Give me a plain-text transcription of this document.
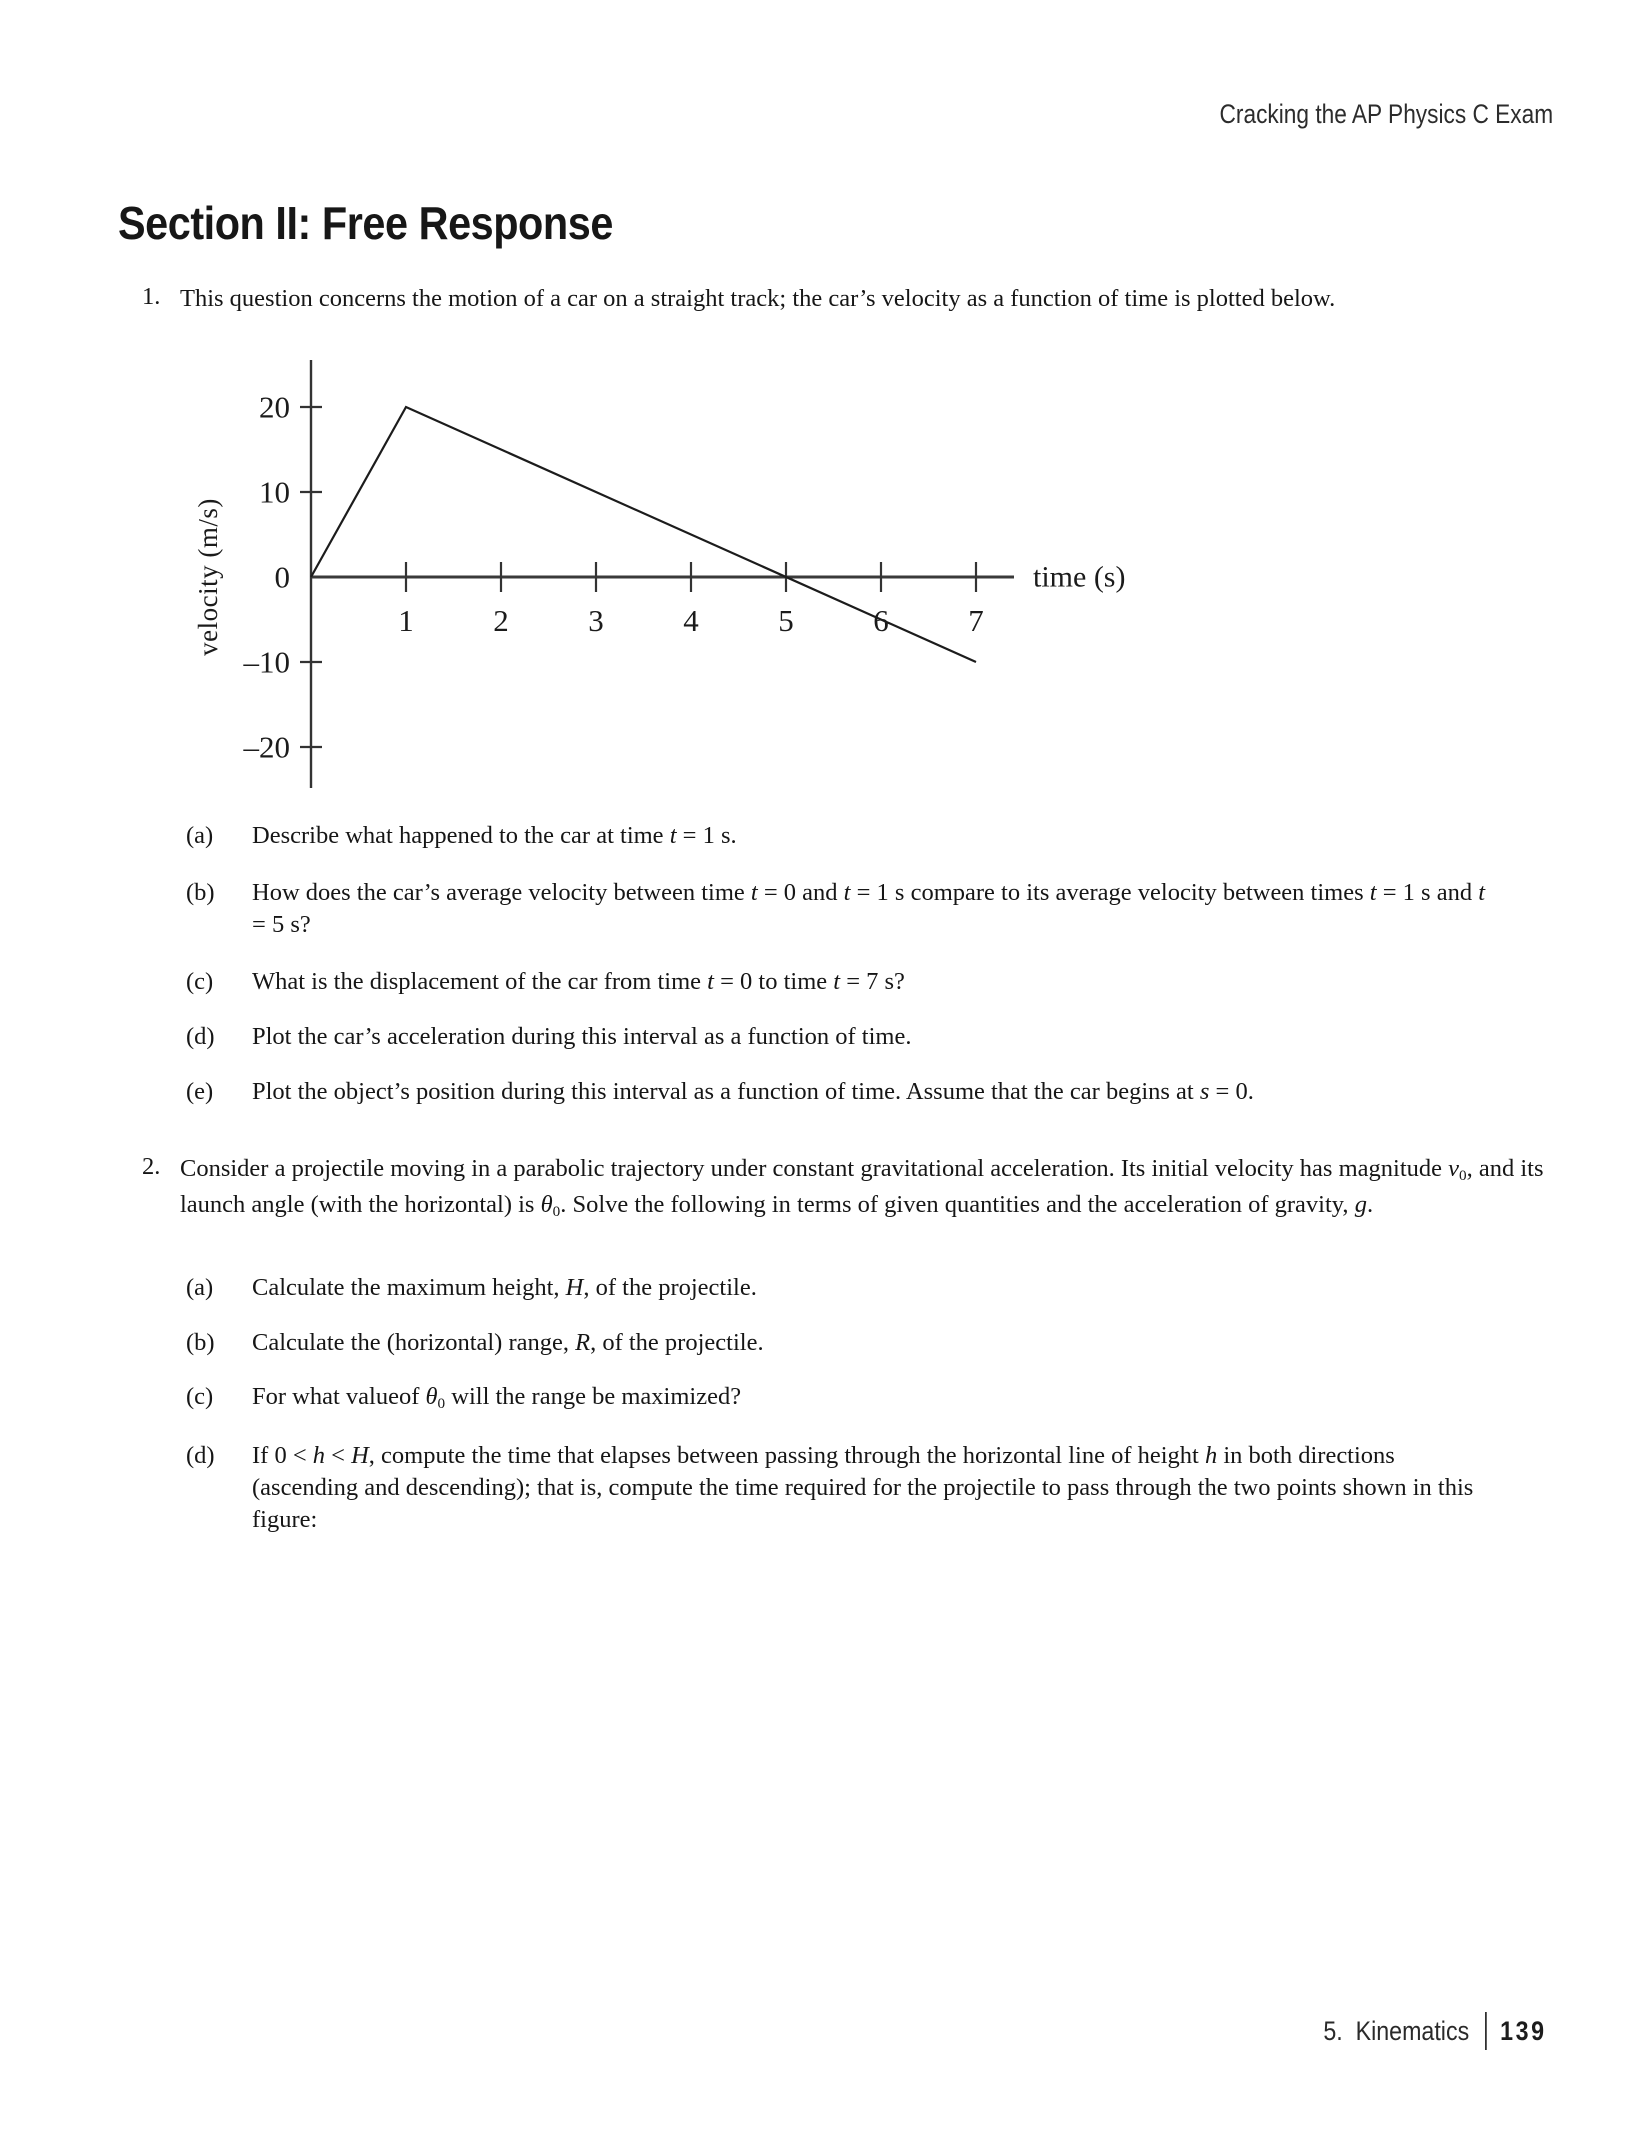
Cracking the AP Physics C Exam
Section II: Free Response
1. This question concerns the motion of a car on a straight track; the car’s velocity as a function of time is plotted below.
1	2	3	4	5	6	7
20
10
0
–10
–20
time (s)
velocity (m/s)
(a)	Describe what happened to the car at time t = 1 s.
(b)	How does the car’s average velocity between time t = 0 and t = 1 s compare to its average velocity between times t = 1 s and t = 5 s?
(c)	What is the displacement of the car from time t = 0 to time t = 7 s?
(d)	Plot the car’s acceleration during this interval as a function of time.
(e)	Plot the object’s position during this interval as a function of time. Assume that the car begins at s = 0.
2. Consider a projectile moving in a parabolic trajectory under constant gravitational acceleration. Its initial velocity has magnitude $v_0$, and its launch angle (with the horizontal) is $\theta_0$. Solve the following in terms of given quantities and the acceleration of gravity, g.
(a)	Calculate the maximum height, H, of the projectile.
(b)	Calculate the (horizontal) range, R, of the projectile.
(c)	For what valueof $\theta_0$ will the range be maximized?
(d)	If 0 < h < H, compute the time that elapses between passing through the horizontal line of height h in both directions (ascending and descending); that is, compute the time required for the projectile to pass through the two points shown in this figure:
5.  Kinematics 139
